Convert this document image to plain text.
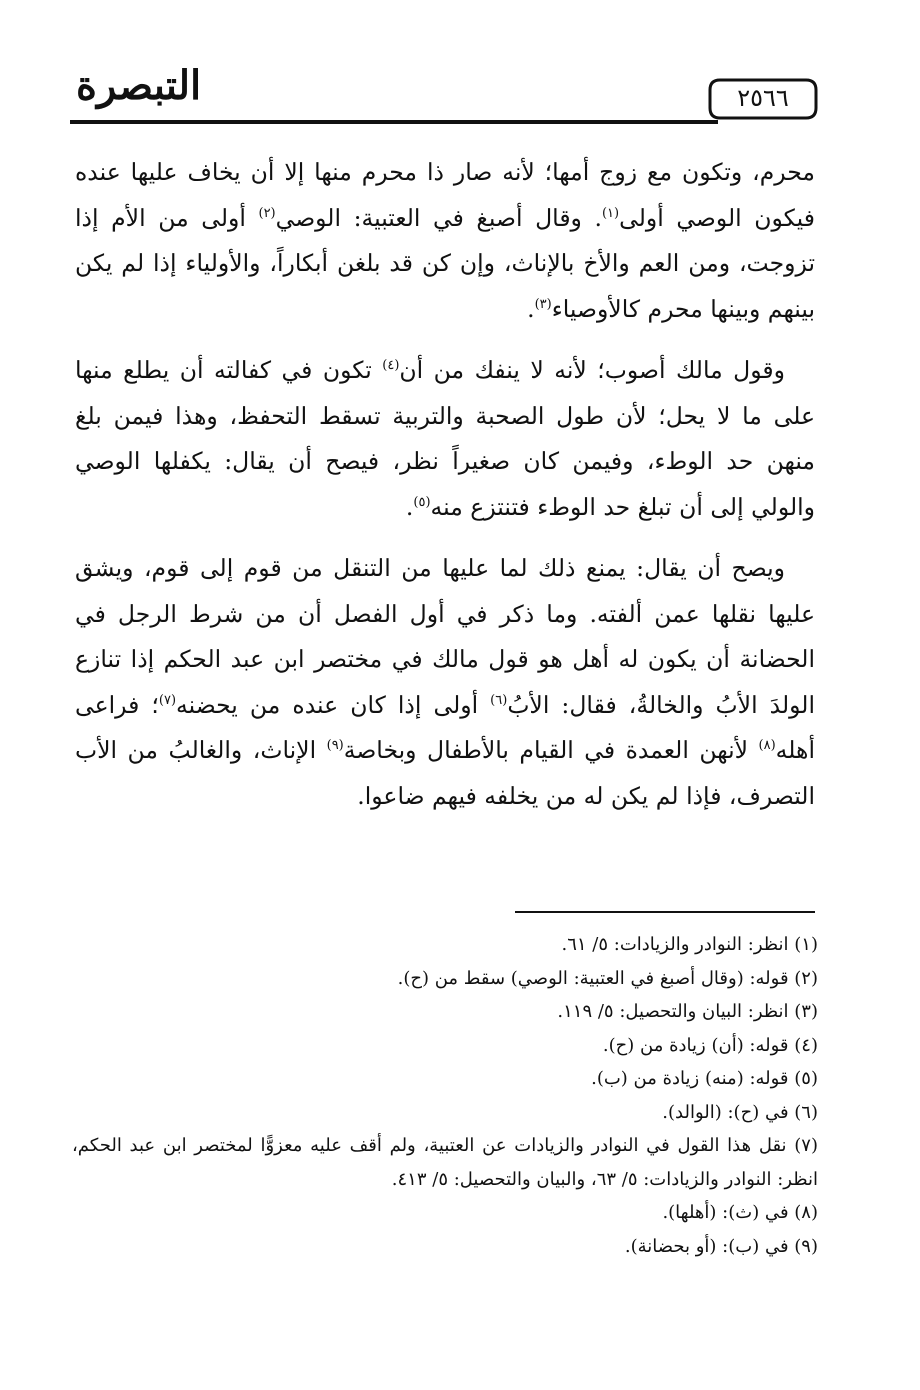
٢٥٦٦
التبصرة

محرم، وتكون مع زوج أمها؛ لأنه صار ذا محرم منها إلا أن يخاف عليها عنده فيكون الوصي أولى$^{(١)}$. وقال أصبغ في العتبية: الوصي$^{(٢)}$ أولى من الأم إذا تزوجت، ومن العم والأخ بالإناث، وإن كن قد بلغن أبكاراً، والأولياء إذا لم يكن بينهم وبينها محرم كالأوصياء$^{(٣)}$.

وقول مالك أصوب؛ لأنه لا ينفك من أن$^{(٤)}$ تكون في كفالته أن يطلع منها على ما لا يحل؛ لأن طول الصحبة والتربية تسقط التحفظ، وهذا فيمن بلغ منهن حد الوطء، وفيمن كان صغيراً نظر، فيصح أن يقال: يكفلها الوصي والولي إلى أن تبلغ حد الوطء فتنتزع منه$^{(٥)}$.

ويصح أن يقال: يمنع ذلك لما عليها من التنقل من قوم إلى قوم، ويشق عليها نقلها عمن ألفته. وما ذكر في أول الفصل أن من شرط الرجل في الحضانة أن يكون له أهل هو قول مالك في مختصر ابن عبد الحكم إذا تنازع الولدَ الأبُ والخالةُ، فقال: الأبُ$^{(٦)}$ أولى إذا كان عنده من يحضنه$^{(٧)}$؛ فراعى أهله$^{(٨)}$ لأنهن العمدة في القيام بالأطفال وبخاصة$^{(٩)}$ الإناث، والغالبُ من الأب التصرف، فإذا لم يكن له من يخلفه فيهم ضاعوا.

(١) انظر: النوادر والزيادات: ٥/ ٦١.

(٢) قوله: (وقال أصبغ في العتبية: الوصي) سقط من (ح).

(٣) انظر: البيان والتحصيل: ٥/ ١١٩.

(٤) قوله: (أن) زيادة من (ح).

(٥) قوله: (منه) زيادة من (ب).

(٦) في (ح): (الوالد).

(٧) نقل هذا القول في النوادر والزيادات عن العتبية، ولم أقف عليه معزوًّا لمختصر ابن عبد الحكم، انظر: النوادر والزيادات: ٥/ ٦٣، والبيان والتحصيل: ٥/ ٤١٣.

(٨) في (ث): (أهلها).

(٩) في (ب): (أو بحضانة).
